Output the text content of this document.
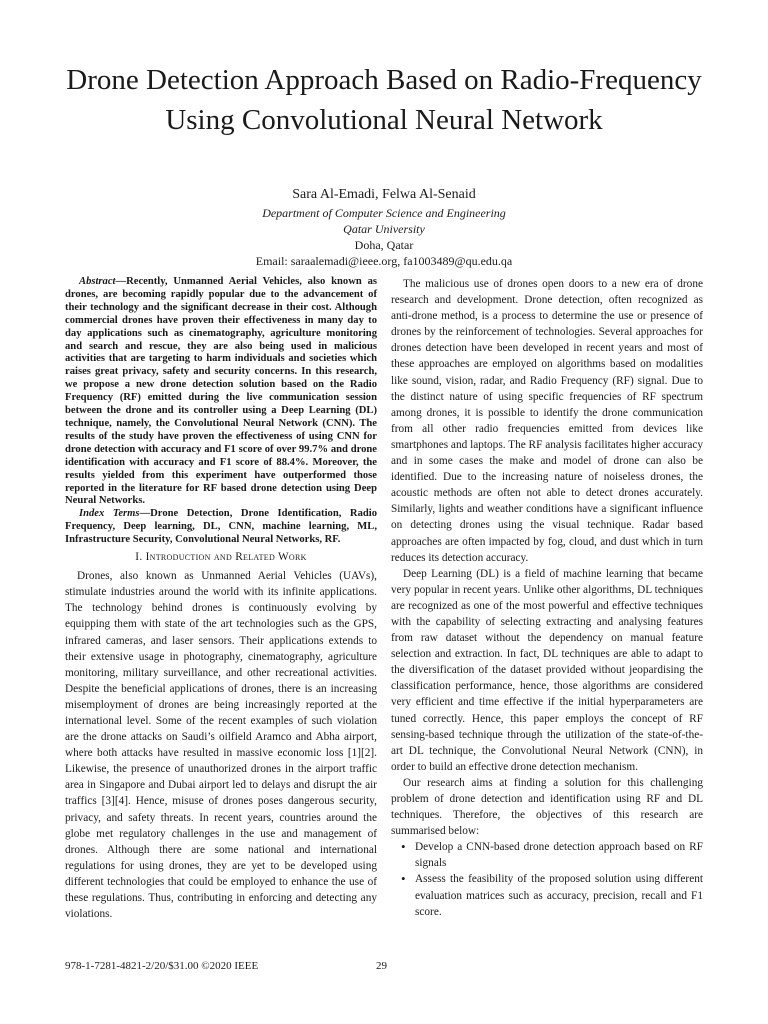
Drone Detection Approach Based on Radio-Frequency Using Convolutional Neural Network
Sara Al-Emadi, Felwa Al-Senaid
Department of Computer Science and Engineering
Qatar University
Doha, Qatar
Email: saraalemadi@ieee.org, fa1003489@qu.edu.qa

Abstract—Recently, Unmanned Aerial Vehicles, also known as drones, are becoming rapidly popular due to the advancement of their technology and the significant decrease in their cost. Although commercial drones have proven their effectiveness in many day to day applications such as cinematography, agriculture monitoring and search and rescue, they are also being used in malicious activities that are targeting to harm individuals and societies which raises great privacy, safety and security concerns. In this research, we propose a new drone detection solution based on the Radio Frequency (RF) emitted during the live communication session between the drone and its controller using a Deep Learning (DL) technique, namely, the Convolutional Neural Network (CNN). The results of the study have proven the effectiveness of using CNN for drone detection with accuracy and F1 score of over 99.7% and drone identification with accuracy and F1 score of 88.4%. Moreover, the results yielded from this experiment have outperformed those reported in the literature for RF based drone detection using Deep Neural Networks.

Index Terms—Drone Detection, Drone Identification, Radio Frequency, Deep learning, DL, CNN, machine learning, ML, Infrastructure Security, Convolutional Neural Networks, RF.

I. Introduction and Related Work

Drones, also known as Unmanned Aerial Vehicles (UAVs), stimulate industries around the world with its infinite applications. The technology behind drones is continuously evolving by equipping them with state of the art technologies such as the GPS, infrared cameras, and laser sensors. Their applications extends to their extensive usage in photography, cinematography, agriculture monitoring, military surveillance, and other recreational activities. Despite the beneficial applications of drones, there is an increasing misemployment of drones are being increasingly reported at the international level. Some of the recent examples of such violation are the drone attacks on Saudi’s oilfield Aramco and Abha airport, where both attacks have resulted in massive economic loss [1][2]. Likewise, the presence of unauthorized drones in the airport traffic area in Singapore and Dubai airport led to delays and disrupt the air traffics [3][4]. Hence, misuse of drones poses dangerous security, privacy, and safety threats. In recent years, countries around the globe met regulatory challenges in the use and management of drones. Although there are some national and international regulations for using drones, they are yet to be developed using different technologies that could be employed to enhance the use of these regulations. Thus, contributing in enforcing and detecting any violations.

The malicious use of drones open doors to a new era of drone research and development. Drone detection, often recognized as anti-drone method, is a process to determine the use or presence of drones by the reinforcement of technologies. Several approaches for drones detection have been developed in recent years and most of these approaches are employed on algorithms based on modalities like sound, vision, radar, and Radio Frequency (RF) signal. Due to the distinct nature of using specific frequencies of RF spectrum among drones, it is possible to identify the drone communication from all other radio frequencies emitted from devices like smartphones and laptops. The RF analysis facilitates higher accuracy and in some cases the make and model of drone can also be identified. Due to the increasing nature of noiseless drones, the acoustic methods are often not able to detect drones accurately. Similarly, lights and weather conditions have a significant influence on detecting drones using the visual technique. Radar based approaches are often impacted by fog, cloud, and dust which in turn reduces its detection accuracy.

Deep Learning (DL) is a field of machine learning that became very popular in recent years. Unlike other algorithms, DL techniques are recognized as one of the most powerful and effective techniques with the capability of selecting extracting and analysing features from raw dataset without the dependency on manual feature selection and extraction. In fact, DL techniques are able to adapt to the diversification of the dataset provided without jeopardising the classification performance, hence, those algorithms are considered very efficient and time effective if the initial hyperparameters are tuned correctly. Hence, this paper employs the concept of RF sensing-based technique through the utilization of the state-of-the-art DL technique, the Convolutional Neural Network (CNN), in order to build an effective drone detection mechanism.

Our research aims at finding a solution for this challenging problem of drone detection and identification using RF and DL techniques. Therefore, the objectives of this research are summarised below:

• Develop a CNN-based drone detection approach based on RF signals
• Assess the feasibility of the proposed solution using different evaluation matrices such as accuracy, precision, recall and F1 score.
978-1-7281-4821-2/20/$31.00 ©2020 IEEE	29
